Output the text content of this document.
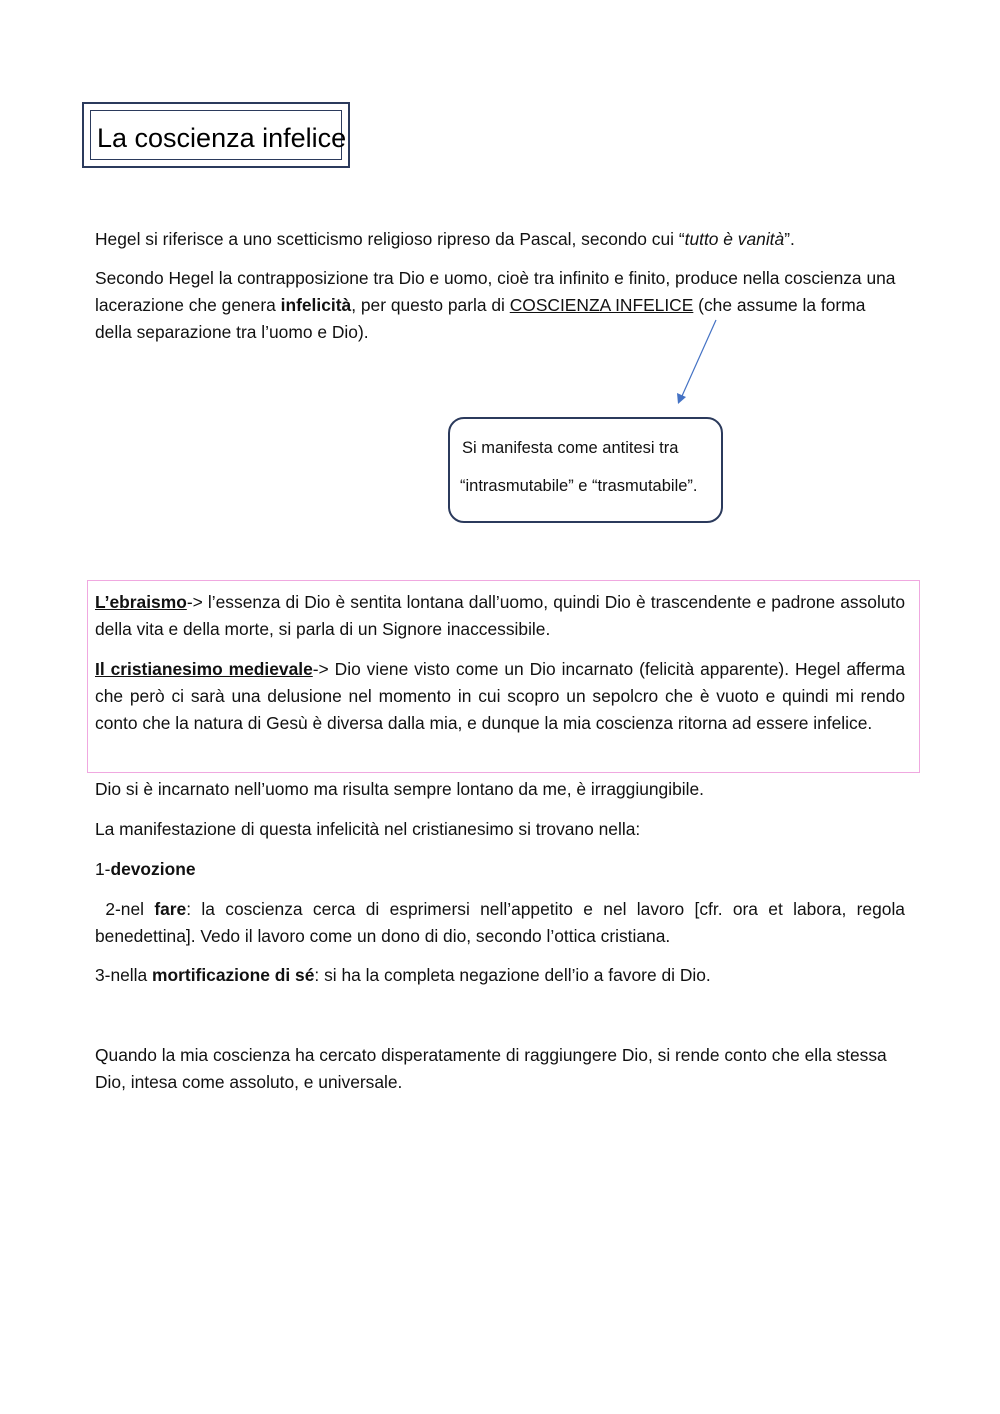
La coscienza infelice
Hegel si riferisce a uno scetticismo religioso ripreso da Pascal, secondo cui “tutto è vanità”.
Secondo Hegel la contrapposizione tra Dio e uomo, cioè tra infinito e finito, produce nella coscienza una lacerazione che genera infelicità, per questo parla di COSCIENZA INFELICE (che assume la forma della separazione tra l’uomo e Dio).
Si manifesta come antitesi tra
“intrasmutabile” e “trasmutabile”.
L’ebraismo-> l’essenza di Dio è sentita lontana dall’uomo, quindi Dio è trascendente e padrone assoluto della vita e della morte, si parla di un Signore inaccessibile.
Il cristianesimo medievale-> Dio viene visto come un Dio incarnato (felicità apparente). Hegel afferma che però ci sarà una delusione nel momento in cui scopro un sepolcro che è vuoto e quindi mi rendo conto che la natura di Gesù è diversa dalla mia, e dunque la mia coscienza ritorna ad essere infelice.
Dio si è incarnato nell’uomo ma risulta sempre lontano da me, è irraggiungibile.
La manifestazione di questa infelicità nel cristianesimo si trovano nella:
1-devozione
2-nel fare: la coscienza cerca di esprimersi nell’appetito e nel lavoro [cfr. ora et labora, regola benedettina]. Vedo il lavoro come un dono di dio, secondo l’ottica cristiana.
3-nella mortificazione di sé: si ha la completa negazione dell’io a favore di Dio.
Quando la mia coscienza ha cercato disperatamente di raggiungere Dio, si rende conto che ella stessa Dio, intesa come assoluto, e universale.
